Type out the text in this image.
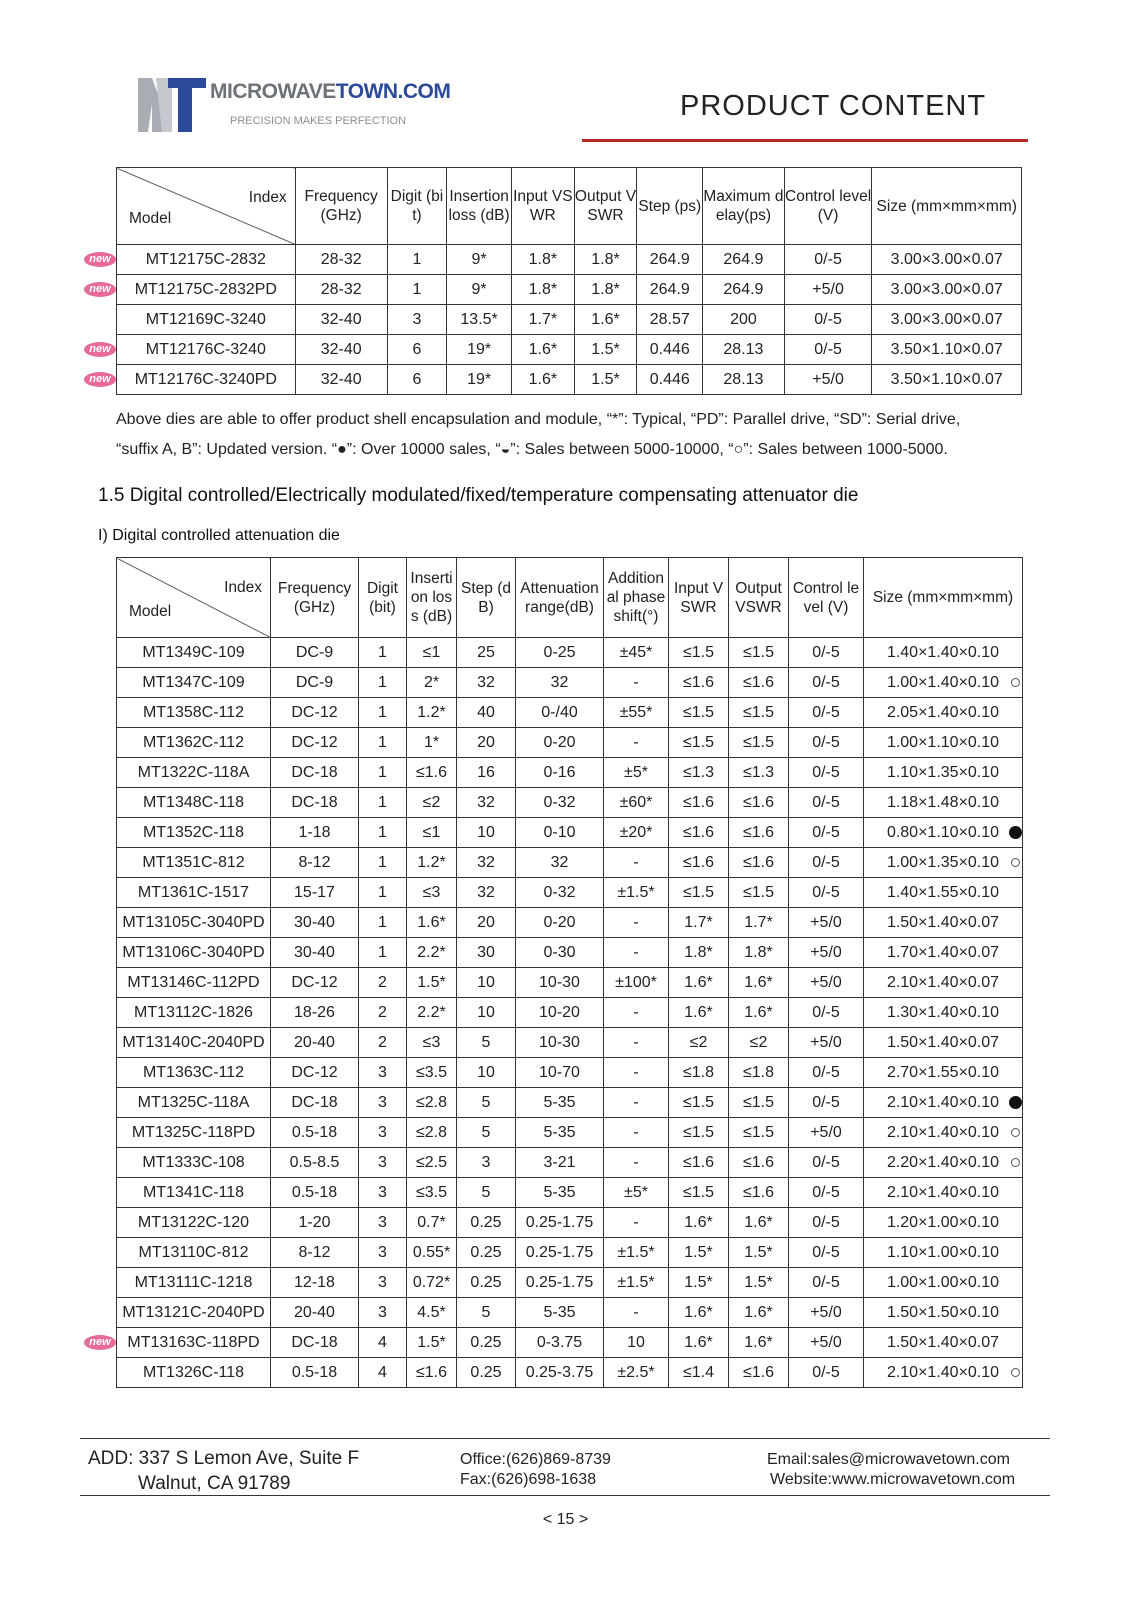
MICROWAVETOWN.COM
PRECISION MAKES PERFECTION	PRODUCT CONTENT
Index
Model	Frequency (GHz)	Digit (bit)	Insertion loss (dB)	Input VSWR	Output VSWR	Step (ps)	Maximum delay(ps)	Control level(V)	Size (mm×mm×mm)

MT12175C-2832	28-32	1	9*	1.8*	1.8*	264.9	264.9	0/-5	3.00×3.00×0.07
MT12175C-2832PD	28-32	1	9*	1.8*	1.8*	264.9	264.9	+5/0	3.00×3.00×0.07
MT12169C-3240	32-40	3	13.5*	1.7*	1.6*	28.57	200	0/-5	3.00×3.00×0.07
MT12176C-3240	32-40	6	19*	1.6*	1.5*	0.446	28.13	0/-5	3.50×1.10×0.07
MT12176C-3240PD	32-40	6	19*	1.6*	1.5*	0.446	28.13	+5/0	3.50×1.10×0.07
Above dies are able to offer product shell encapsulation and module, “*”: Typical, “PD”: Parallel drive, “SD”: Serial drive,
“suffix A, B”: Updated version. “●”: Over 10000 sales, “◒”: Sales between 5000-10000, “○”: Sales between 1000-5000.
1.5 Digital controlled/Electrically modulated/fixed/temperature compensating attenuator die
I) Digital controlled attenuation die
Index
Model	Frequency (GHz)	Digit (bit)	Insertion loss (dB)	Step (dB)	Attenuation range(dB)	Additional phase shift(°)	Input VSWR	Output VSWR	Control level (V)	Size (mm×mm×mm)

MT1349C-109	DC-9	1	≤1	25	0-25	±45*	≤1.5	≤1.5	0/-5	1.40×1.40×0.10
MT1347C-109	DC-9	1	2*	32	32	-	≤1.6	≤1.6	0/-5	1.00×1.40×0.10
MT1358C-112	DC-12	1	1.2*	40	0-/40	±55*	≤1.5	≤1.5	0/-5	2.05×1.40×0.10
MT1362C-112	DC-12	1	1*	20	0-20	-	≤1.5	≤1.5	0/-5	1.00×1.10×0.10
MT1322C-118A	DC-18	1	≤1.6	16	0-16	±5*	≤1.3	≤1.3	0/-5	1.10×1.35×0.10
MT1348C-118	DC-18	1	≤2	32	0-32	±60*	≤1.6	≤1.6	0/-5	1.18×1.48×0.10
MT1352C-118	1-18	1	≤1	10	0-10	±20*	≤1.6	≤1.6	0/-5	0.80×1.10×0.10
MT1351C-812	8-12	1	1.2*	32	32	-	≤1.6	≤1.6	0/-5	1.00×1.35×0.10
MT1361C-1517	15-17	1	≤3	32	0-32	±1.5*	≤1.5	≤1.5	0/-5	1.40×1.55×0.10
MT13105C-3040PD	30-40	1	1.6*	20	0-20	-	1.7*	1.7*	+5/0	1.50×1.40×0.07
MT13106C-3040PD	30-40	1	2.2*	30	0-30	-	1.8*	1.8*	+5/0	1.70×1.40×0.07
MT13146C-112PD	DC-12	2	1.5*	10	10-30	±100*	1.6*	1.6*	+5/0	2.10×1.40×0.07
MT13112C-1826	18-26	2	2.2*	10	10-20	-	1.6*	1.6*	0/-5	1.30×1.40×0.10
MT13140C-2040PD	20-40	2	≤3	5	10-30	-	≤2	≤2	+5/0	1.50×1.40×0.07
MT1363C-112	DC-12	3	≤3.5	10	10-70	-	≤1.8	≤1.8	0/-5	2.70×1.55×0.10
MT1325C-118A	DC-18	3	≤2.8	5	5-35	-	≤1.5	≤1.5	0/-5	2.10×1.40×0.10
MT1325C-118PD	0.5-18	3	≤2.8	5	5-35	-	≤1.5	≤1.5	+5/0	2.10×1.40×0.10
MT1333C-108	0.5-8.5	3	≤2.5	3	3-21	-	≤1.6	≤1.6	0/-5	2.20×1.40×0.10
MT1341C-118	0.5-18	3	≤3.5	5	5-35	±5*	≤1.5	≤1.6	0/-5	2.10×1.40×0.10
MT13122C-120	1-20	3	0.7*	0.25	0.25-1.75	-	1.6*	1.6*	0/-5	1.20×1.00×0.10
MT13110C-812	8-12	3	0.55*	0.25	0.25-1.75	±1.5*	1.5*	1.5*	0/-5	1.10×1.00×0.10
MT13111C-1218	12-18	3	0.72*	0.25	0.25-1.75	±1.5*	1.5*	1.5*	0/-5	1.00×1.00×0.10
MT13121C-2040PD	20-40	3	4.5*	5	5-35	-	1.6*	1.6*	+5/0	1.50×1.50×0.10
MT13163C-118PD	DC-18	4	1.5*	0.25	0-3.75	10	1.6*	1.6*	+5/0	1.50×1.40×0.07
MT1326C-118	0.5-18	4	≤1.6	0.25	0.25-3.75	±2.5*	≤1.4	≤1.6	0/-5	2.10×1.40×0.10
new
new
new
new
new
ADD: 337 S Lemon Ave, Suite F
Walnut, CA 91789
Office:(626)869-8739
Fax:(626)698-1638
Email:sales@microwavetown.com
Website:www.microwavetown.com
< 15 >
